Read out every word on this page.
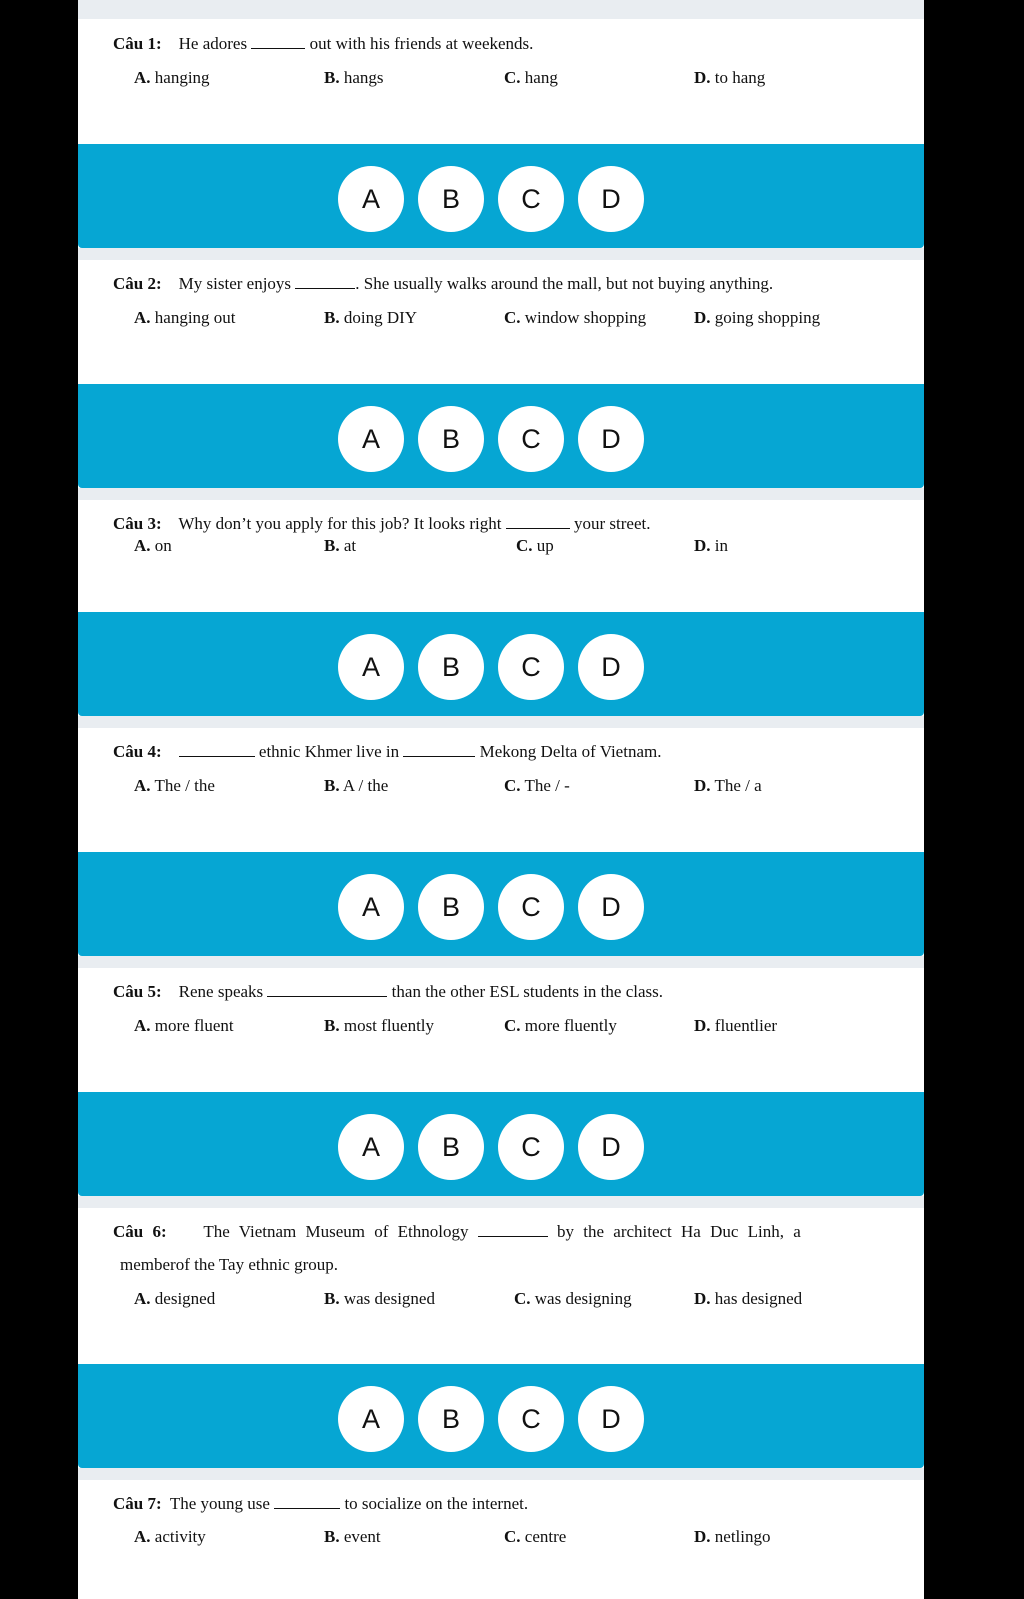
Câu 1: He adores	out with his friends at weekends.
A. hanging	B. hangs	C. hang	D. to hang
A	B	C	D
Câu 2: My sister enjoys	. She usually walks around the mall, but not buying anything.
A. hanging out	B. doing DIY	C. window shopping	D. going shopping
A	B	C	D
Câu 3: Why don’t you apply for this job? It looks right	your street.
A. on	B. at	C. up	D. in
A	B	C	D
Câu 4:	ethnic Khmer live in	Mekong Delta of Vietnam.
A. The / the	B. A / the	C. The / -	D. The / a
A	B	C	D
Câu 5: Rene speaks	than the other ESL students in the class.
A. more fluent	B. most fluently	C. more fluently	D. fluentlier
A	B	C	D
Câu 6: The Vietnam Museum of Ethnology	by the architect Ha Duc Linh, a
memberof the Tay ethnic group.
A. designed	B. was designed	C. was designing	D. has designed
A	B	C	D
Câu 7: The young use	to socialize on the internet.
A. activity	B. event	C. centre	D. netlingo
